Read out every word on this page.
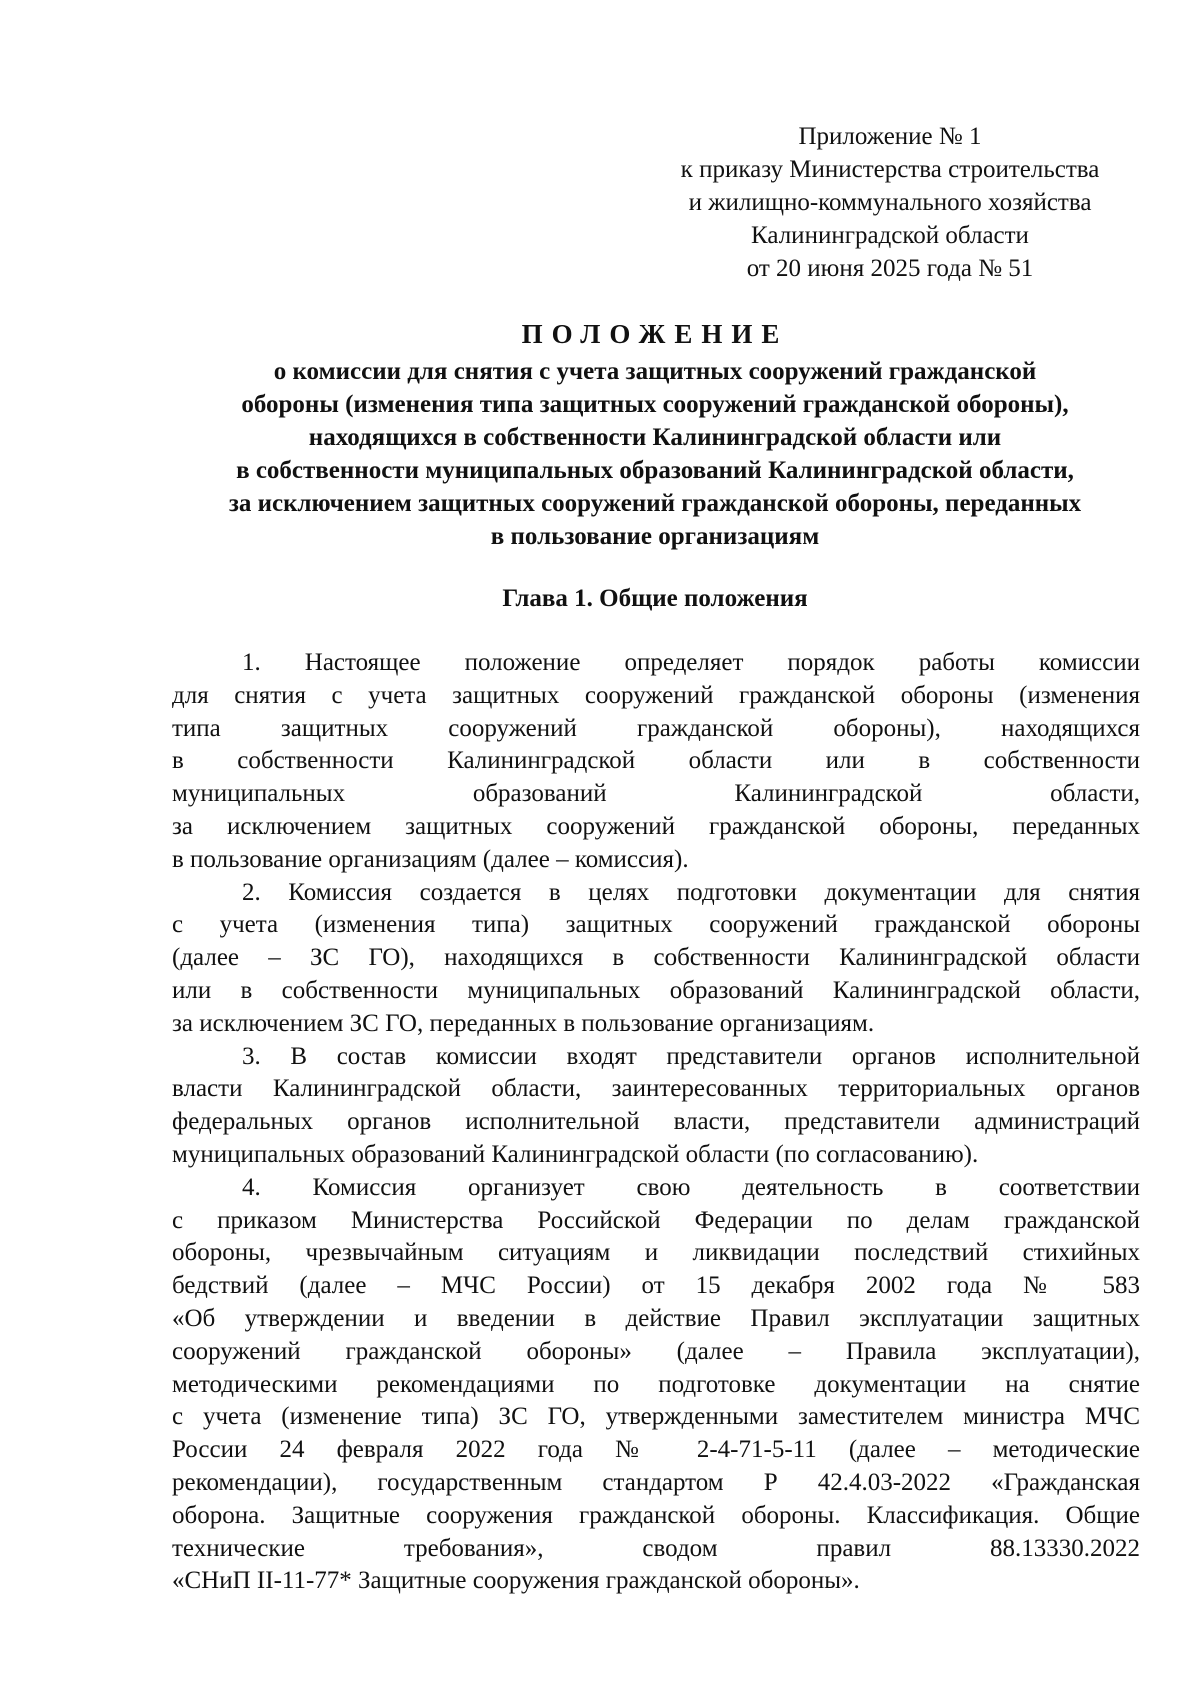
Приложение № 1
к приказу Министерства строительства
и жилищно-коммунального хозяйства
Калининградской области
от 20 июня 2025 года № 51
ПОЛОЖЕНИЕ
о комиссии для снятия с учета защитных сооружений гражданской
обороны (изменения типа защитных сооружений гражданской обороны),
находящихся в собственности Калининградской области или
в собственности муниципальных образований Калининградской области,
за исключением защитных сооружений гражданской обороны, переданных
в пользование организациям
Глава 1. Общие положения
1. Настоящее положение определяет порядок работы комиссии
для снятия с учета защитных сооружений гражданской обороны (изменения
типа защитных сооружений гражданской обороны), находящихся
в собственности Калининградской области или в собственности
муниципальных образований Калининградской области,
за исключением защитных сооружений гражданской обороны, переданных
в пользование организациям (далее – комиссия).
2. Комиссия создается в целях подготовки документации для снятия
с учета (изменения типа) защитных сооружений гражданской обороны
(далее – ЗС ГО), находящихся в собственности Калининградской области
или в собственности муниципальных образований Калининградской области,
за исключением ЗС ГО, переданных в пользование организациям.
3. В состав комиссии входят представители органов исполнительной
власти Калининградской области, заинтересованных территориальных органов
федеральных органов исполнительной власти, представители администраций
муниципальных образований Калининградской области (по согласованию).
4. Комиссия организует свою деятельность в соответствии
с приказом Министерства Российской Федерации по делам гражданской
обороны, чрезвычайным ситуациям и ликвидации последствий стихийных
бедствий (далее – МЧС России) от 15 декабря 2002 года № 583
«Об утверждении и введении в действие Правил эксплуатации защитных
сооружений гражданской обороны» (далее – Правила эксплуатации),
методическими рекомендациями по подготовке документации на снятие
с учета (изменение типа) ЗС ГО, утвержденными заместителем министра МЧС
России 24 февраля 2022 года № 2-4-71-5-11 (далее – методические
рекомендации), государственным стандартом Р 42.4.03-2022 «Гражданская
оборона. Защитные сооружения гражданской обороны. Классификация. Общие
технические требования», сводом правил 88.13330.2022
«СНиП II-11-77* Защитные сооружения гражданской обороны».
